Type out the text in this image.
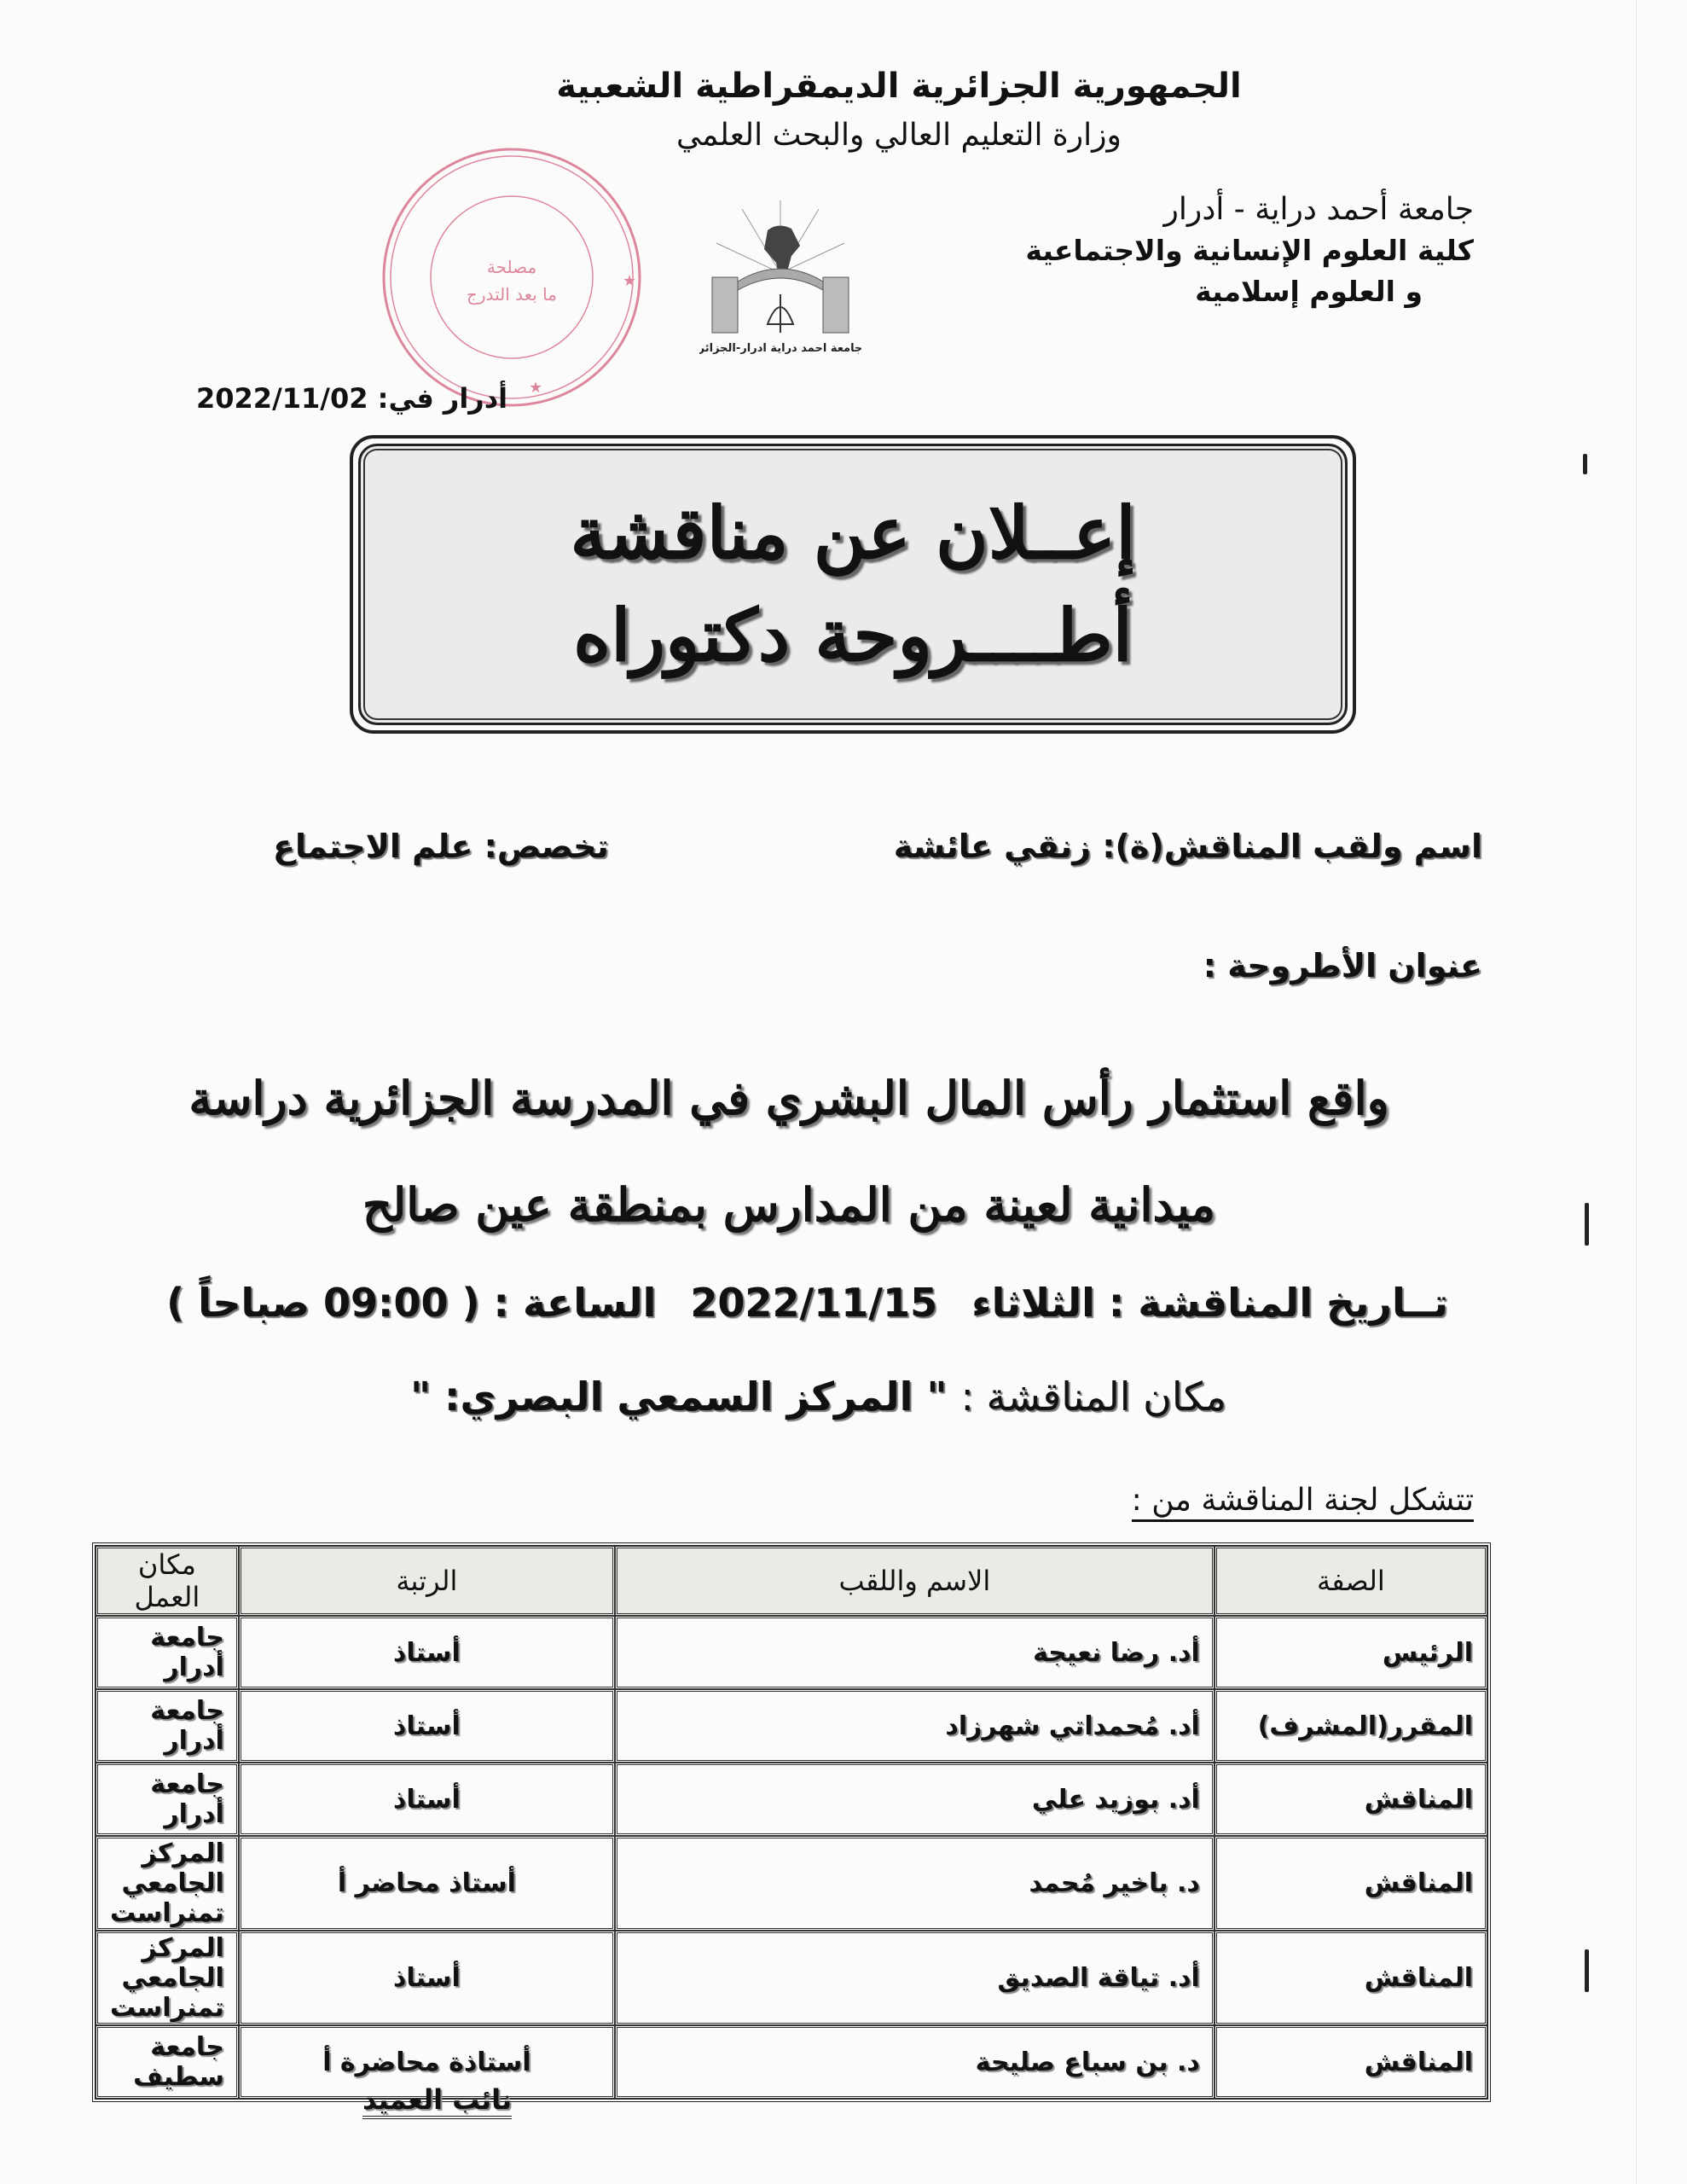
الجمهورية الجزائرية الديمقراطية الشعبية
وزارة التعليم العالي والبحث العلمي
جامعة أحمد دراية - أدرار
كلية العلوم الإنسانية والاجتماعية
و العلوم إسلامية
جامعة احمد دراية ادرار-الجزائر
مصلحة
ما بعد التدرج
★
★
أدرار في: 2022/11/02
إعــلان عن مناقشة
أطــــروحة دكتوراه
اسم ولقب المناقش(ة): زنقي عائشة
تخصص: علم الاجتماع
عنوان الأطروحة :
واقع استثمار رأس المال البشري في المدرسة الجزائرية دراسة
ميدانية لعينة من المدارس بمنطقة عين صالح
تــاريخ المناقشة : الثلاثاء 2022/11/15 الساعة : ( 09:00 صباحاً )
مكان المناقشة : " المركز السمعي البصري: "
تتشكل لجنة المناقشة من :
الصفة	الاسم واللقب	الرتبة	مكان العمل
الرئيس	أد. رضا نعيجة	أستاذ	جامعة أدرار
المقرر(المشرف)	أد. مُحمداتي شهرزاد	أستاذ	جامعة أدرار
المناقش	أد. بوزيد علي	أستاذ	جامعة أدرار
المناقش	د. باخير مُحمد	أستاذ محاضر أ	المركز الجامعي تمنراست
المناقش	أد. تياقة الصديق	أستاذ	المركز الجامعي تمنراست
المناقش	د. بن سباع صليحة	أستاذة محاضرة أ	جامعة سطيف
نائب العميد
